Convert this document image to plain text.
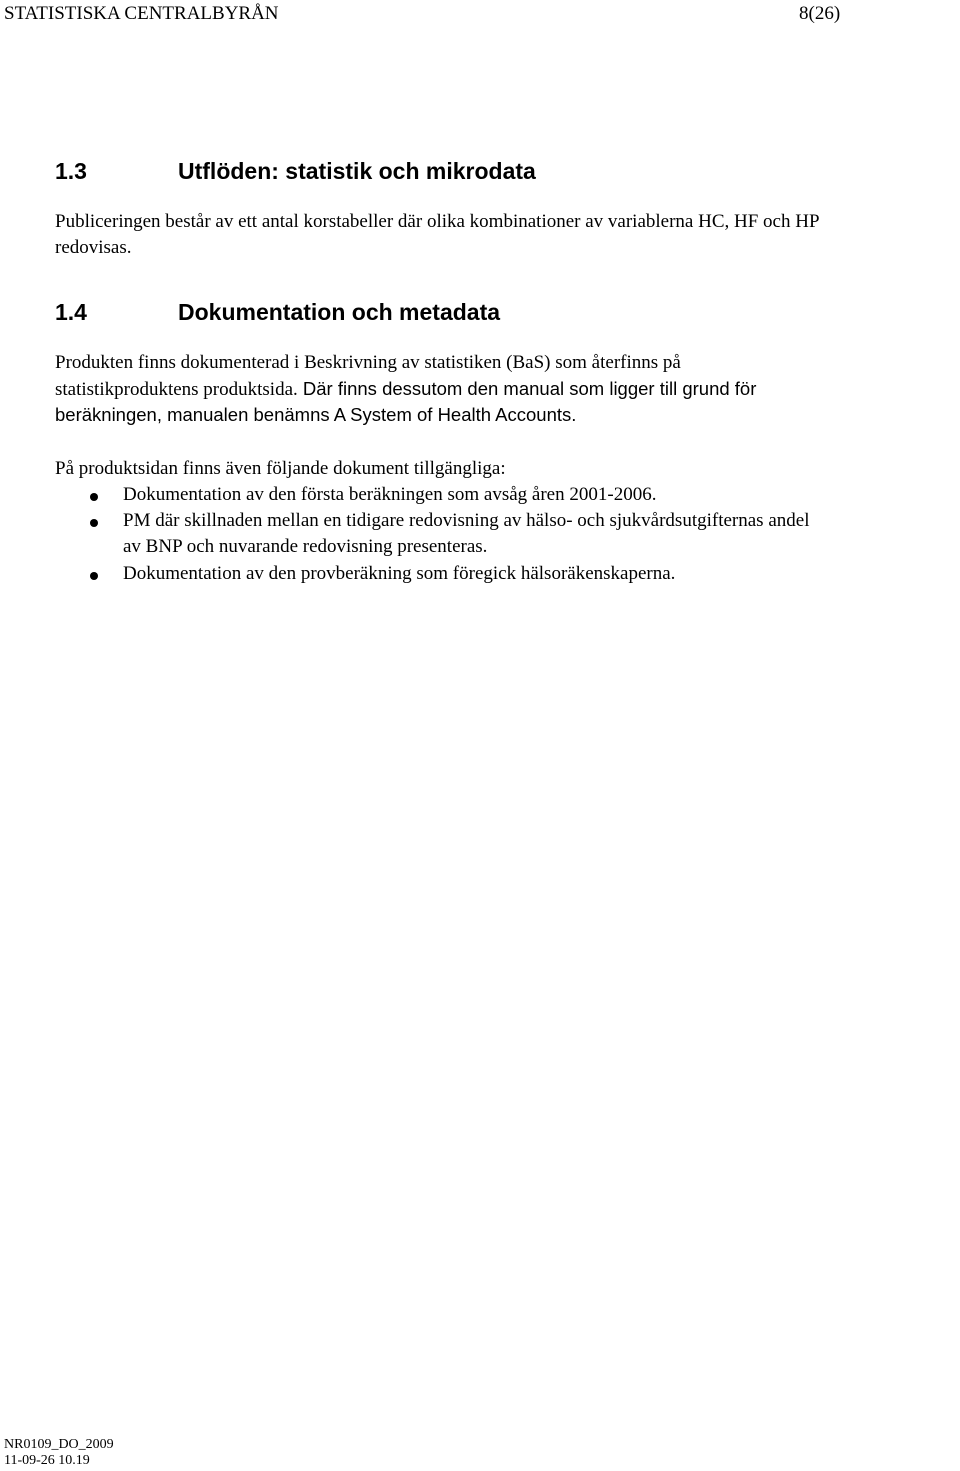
STATISTISKA CENTRALBYRÅN	8(26)
1.3	Utflöden: statistik och mikrodata
Publiceringen består av ett antal korstabeller där olika kombinationer av variablerna HC, HF och HP
redovisas.
1.4	Dokumentation och metadata
Produkten finns dokumenterad i Beskrivning av statistiken (BaS) som återfinns på
statistikproduktens produktsida. Där finns dessutom den manual som ligger till grund för
beräkningen, manualen benämns A System of Health Accounts.
På produktsidan finns även följande dokument tillgängliga:
Dokumentation av den första beräkningen som avsåg åren 2001-2006.
PM där skillnaden mellan en tidigare redovisning av hälso- och sjukvårdsutgifternas andel
av BNP och nuvarande redovisning presenteras.
Dokumentation av den provberäkning som föregick hälsoräkenskaperna.
NR0109_DO_2009
11-09-26 10.19
